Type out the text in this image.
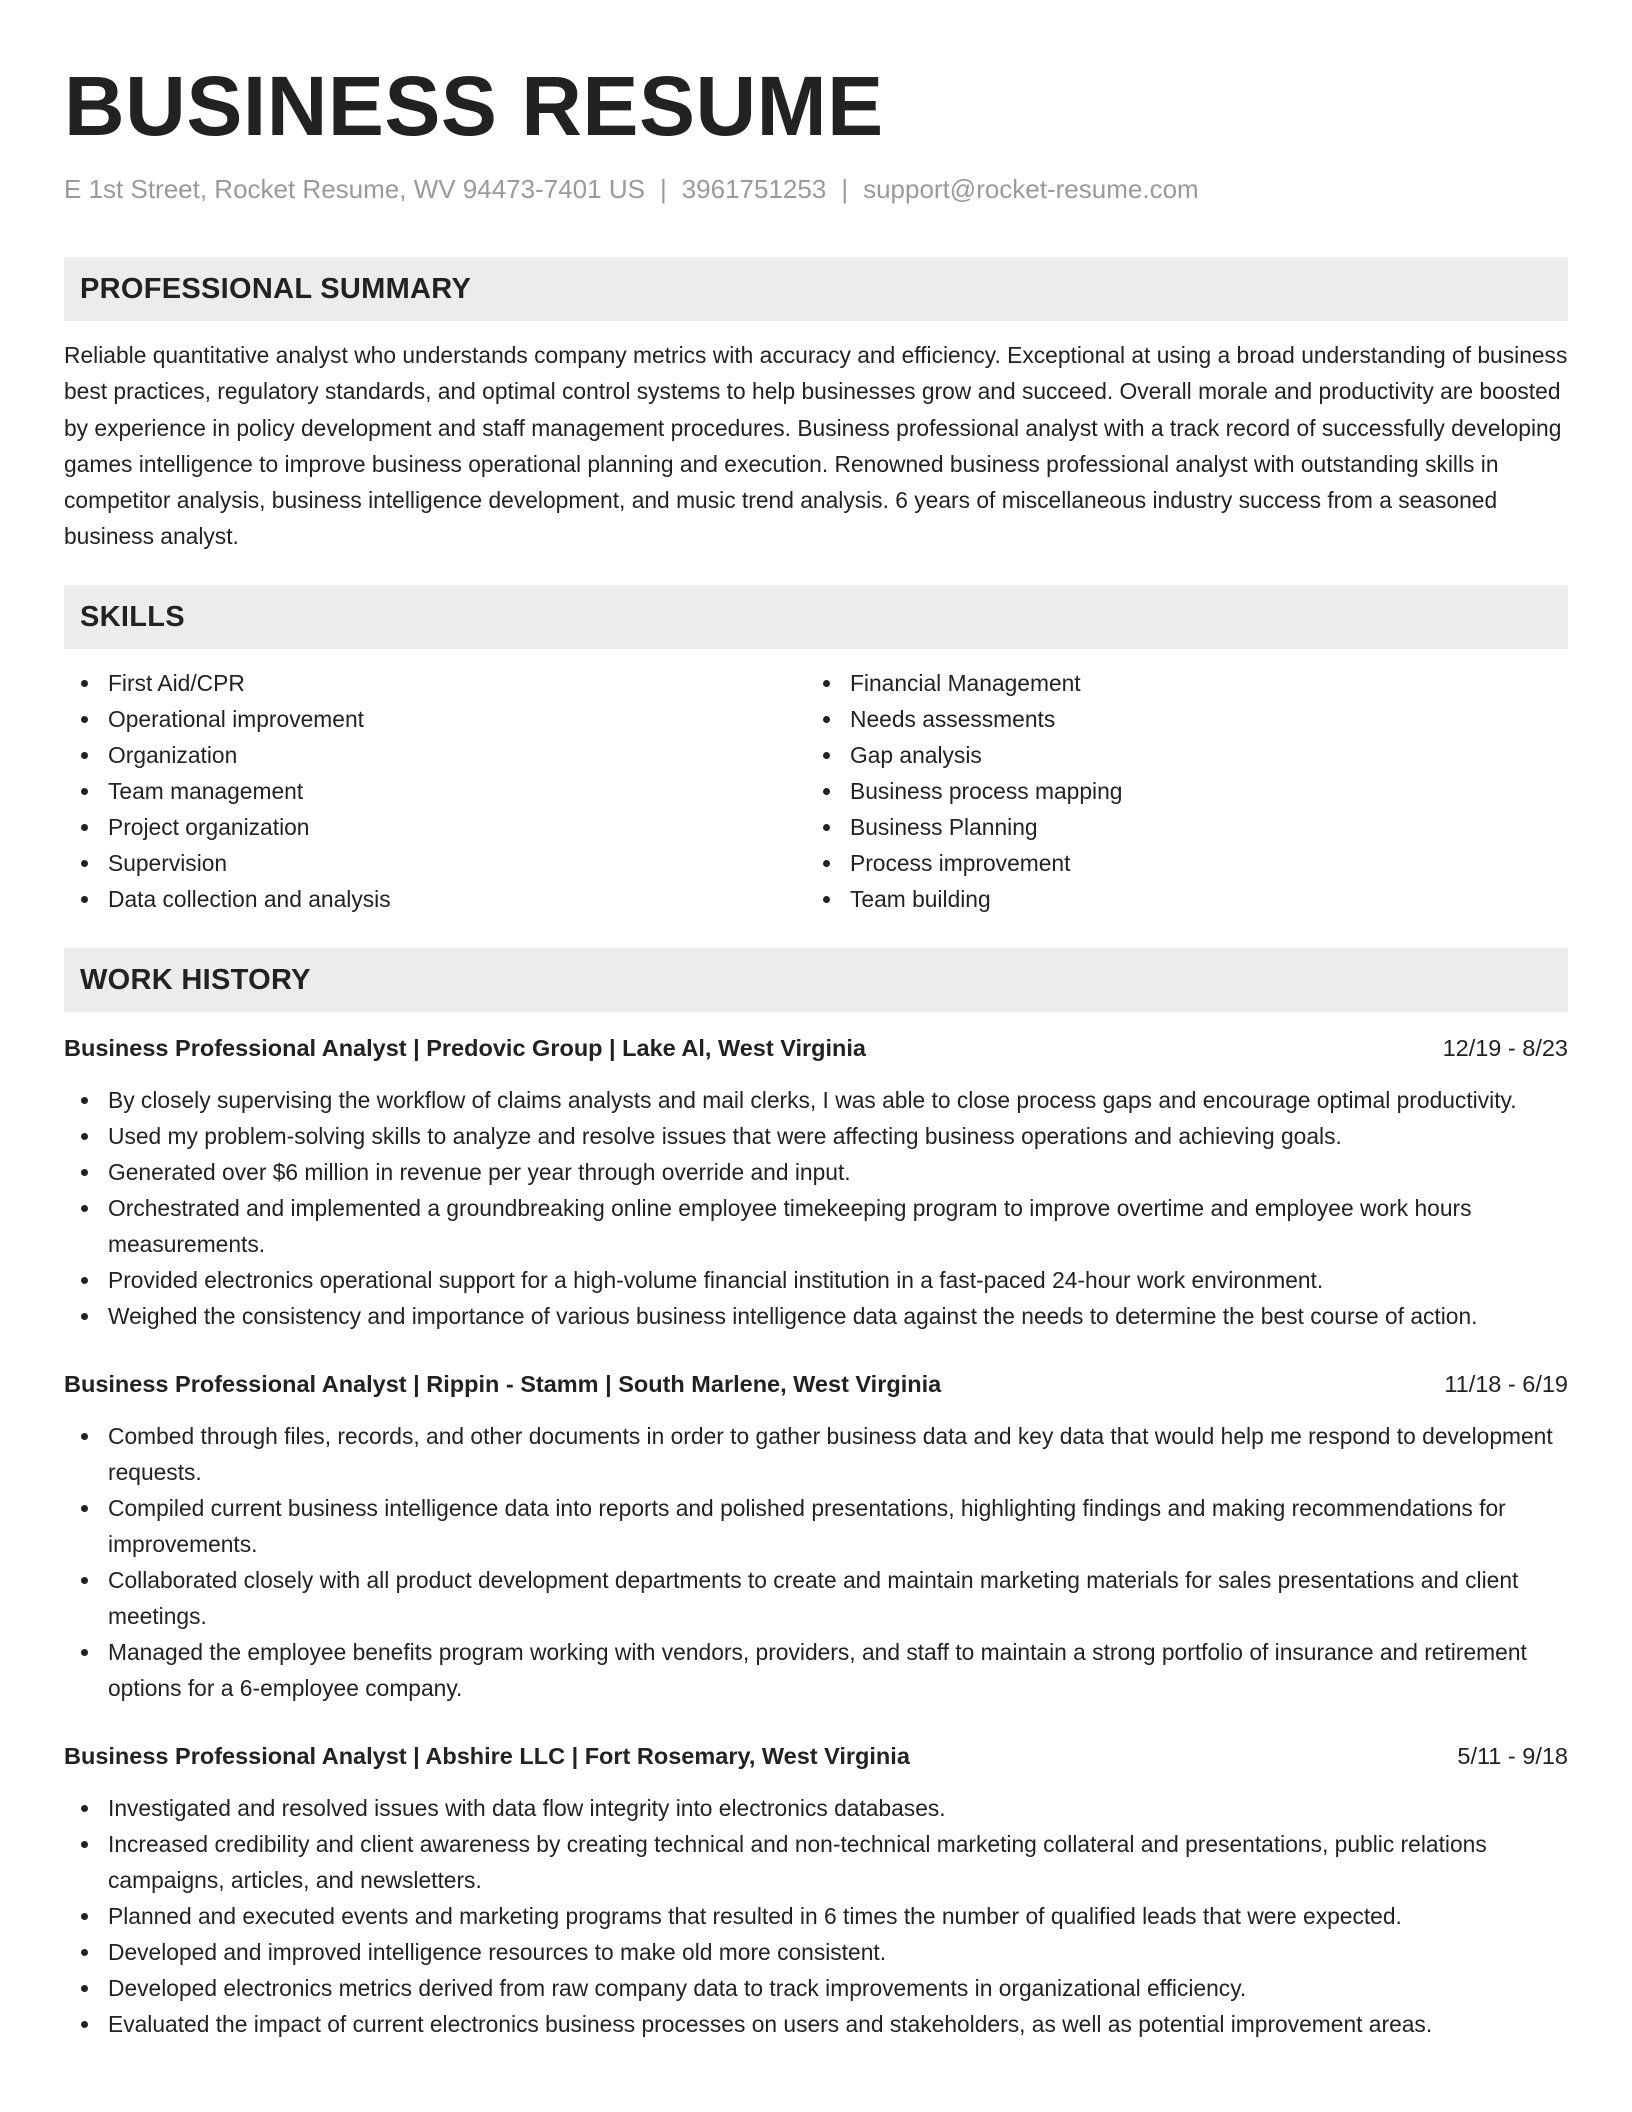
BUSINESS RESUME
E 1st Street, Rocket Resume, WV 94473-7401 US | 3961751253 | support@rocket-resume.com
PROFESSIONAL SUMMARY

Reliable quantitative analyst who understands company metrics with accuracy and efficiency. Exceptional at using a broad understanding of business best practices, regulatory standards, and optimal control systems to help businesses grow and succeed. Overall morale and productivity are boosted by experience in policy development and staff management procedures. Business professional analyst with a track record of successfully developing games intelligence to improve business operational planning and execution. Renowned business professional analyst with outstanding skills in competitor analysis, business intelligence development, and music trend analysis. 6 years of miscellaneous industry success from a seasoned business analyst.

SKILLS
First Aid/CPR
Operational improvement
Organization
Team management
Project organization
Supervision
Data collection and analysis
Financial Management
Needs assessments
Gap analysis
Business process mapping
Business Planning
Process improvement
Team building
WORK HISTORY
Business Professional Analyst | Predovic Group | Lake Al, West Virginia	12/19 - 8/23
By closely supervising the workflow of claims analysts and mail clerks, I was able to close process gaps and encourage optimal productivity.
Used my problem-solving skills to analyze and resolve issues that were affecting business operations and achieving goals.
Generated over $6 million in revenue per year through override and input.
Orchestrated and implemented a groundbreaking online employee timekeeping program to improve overtime and employee work hours measurements.
Provided electronics operational support for a high-volume financial institution in a fast-paced 24-hour work environment.
Weighed the consistency and importance of various business intelligence data against the needs to determine the best course of action.
Business Professional Analyst | Rippin - Stamm | South Marlene, West Virginia	11/18 - 6/19
Combed through files, records, and other documents in order to gather business data and key data that would help me respond to development requests.
Compiled current business intelligence data into reports and polished presentations, highlighting findings and making recommendations for improvements.
Collaborated closely with all product development departments to create and maintain marketing materials for sales presentations and client meetings.
Managed the employee benefits program working with vendors, providers, and staff to maintain a strong portfolio of insurance and retirement options for a 6-employee company.
Business Professional Analyst | Abshire LLC | Fort Rosemary, West Virginia	5/11 - 9/18
Investigated and resolved issues with data flow integrity into electronics databases.
Increased credibility and client awareness by creating technical and non-technical marketing collateral and presentations, public relations campaigns, articles, and newsletters.
Planned and executed events and marketing programs that resulted in 6 times the number of qualified leads that were expected.
Developed and improved intelligence resources to make old more consistent.
Developed electronics metrics derived from raw company data to track improvements in organizational efficiency.
Evaluated the impact of current electronics business processes on users and stakeholders, as well as potential improvement areas.
